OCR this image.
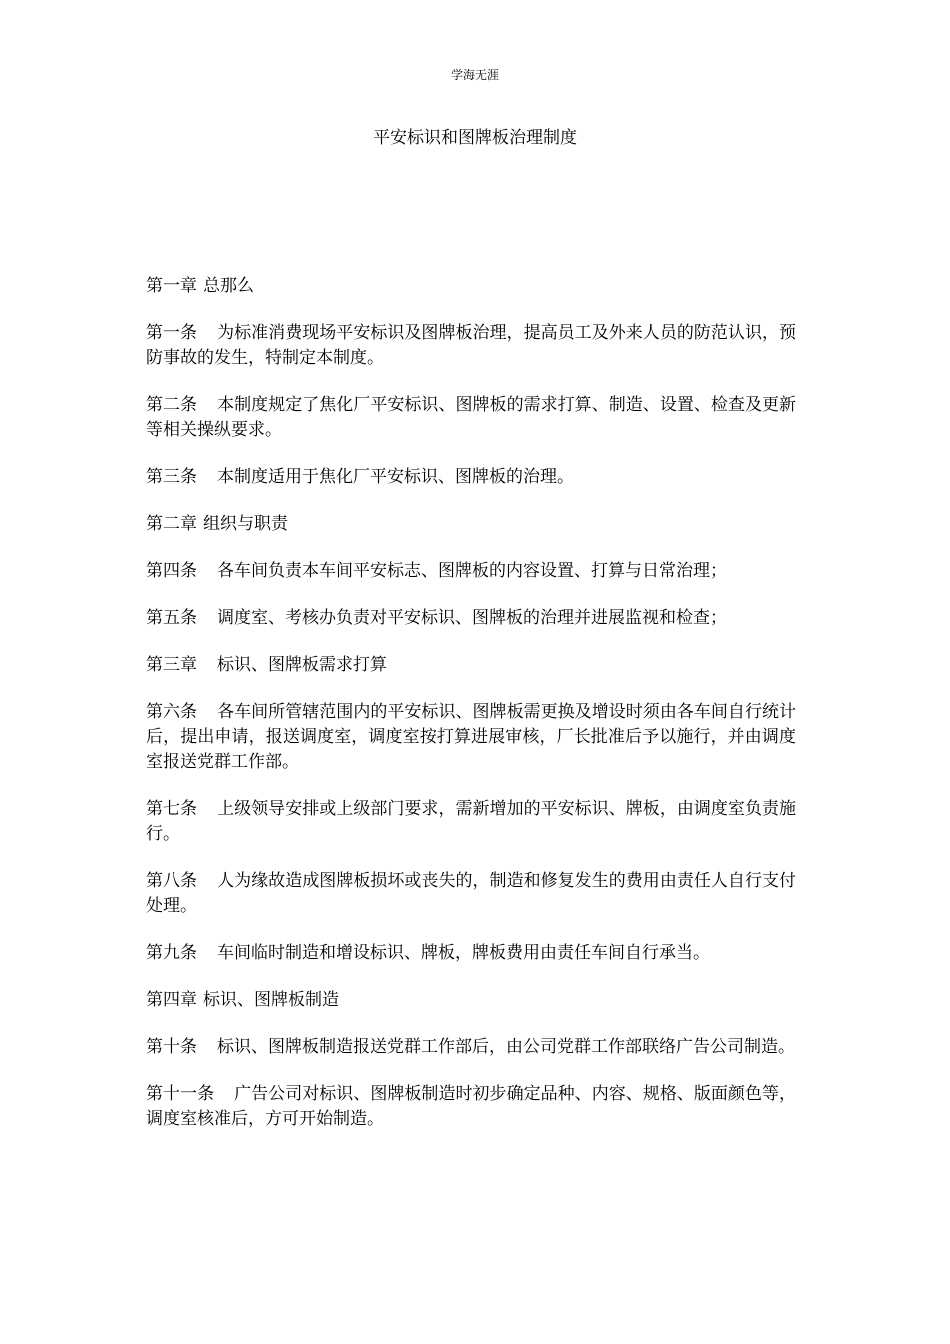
学海无涯
平安标识和图牌板治理制度

第一章 总那么

第一条 为标准消费现场平安标识及图牌板治理，提高员工及外来人员的防范认识，预防事故的发生，特制定本制度。

第二条 本制度规定了焦化厂平安标识、图牌板的需求打算、制造、设置、检查及更新等相关操纵要求。

第三条 本制度适用于焦化厂平安标识、图牌板的治理。

第二章 组织与职责

第四条 各车间负责本车间平安标志、图牌板的内容设置、打算与日常治理；

第五条 调度室、考核办负责对平安标识、图牌板的治理并进展监视和检查；

第三章 标识、图牌板需求打算

第六条 各车间所管辖范围内的平安标识、图牌板需更换及增设时须由各车间自行统计后，提出申请，报送调度室，调度室按打算进展审核，厂长批准后予以施行，并由调度室报送党群工作部。

第七条 上级领导安排或上级部门要求，需新增加的平安标识、牌板，由调度室负责施行。

第八条 人为缘故造成图牌板损坏或丧失的，制造和修复发生的费用由责任人自行支付处理。

第九条 车间临时制造和增设标识、牌板，牌板费用由责任车间自行承当。

第四章 标识、图牌板制造

第十条 标识、图牌板制造报送党群工作部后，由公司党群工作部联络广告公司制造。

第十一条 广告公司对标识、图牌板制造时初步确定品种、内容、规格、版面颜色等，调度室核准后，方可开始制造。
